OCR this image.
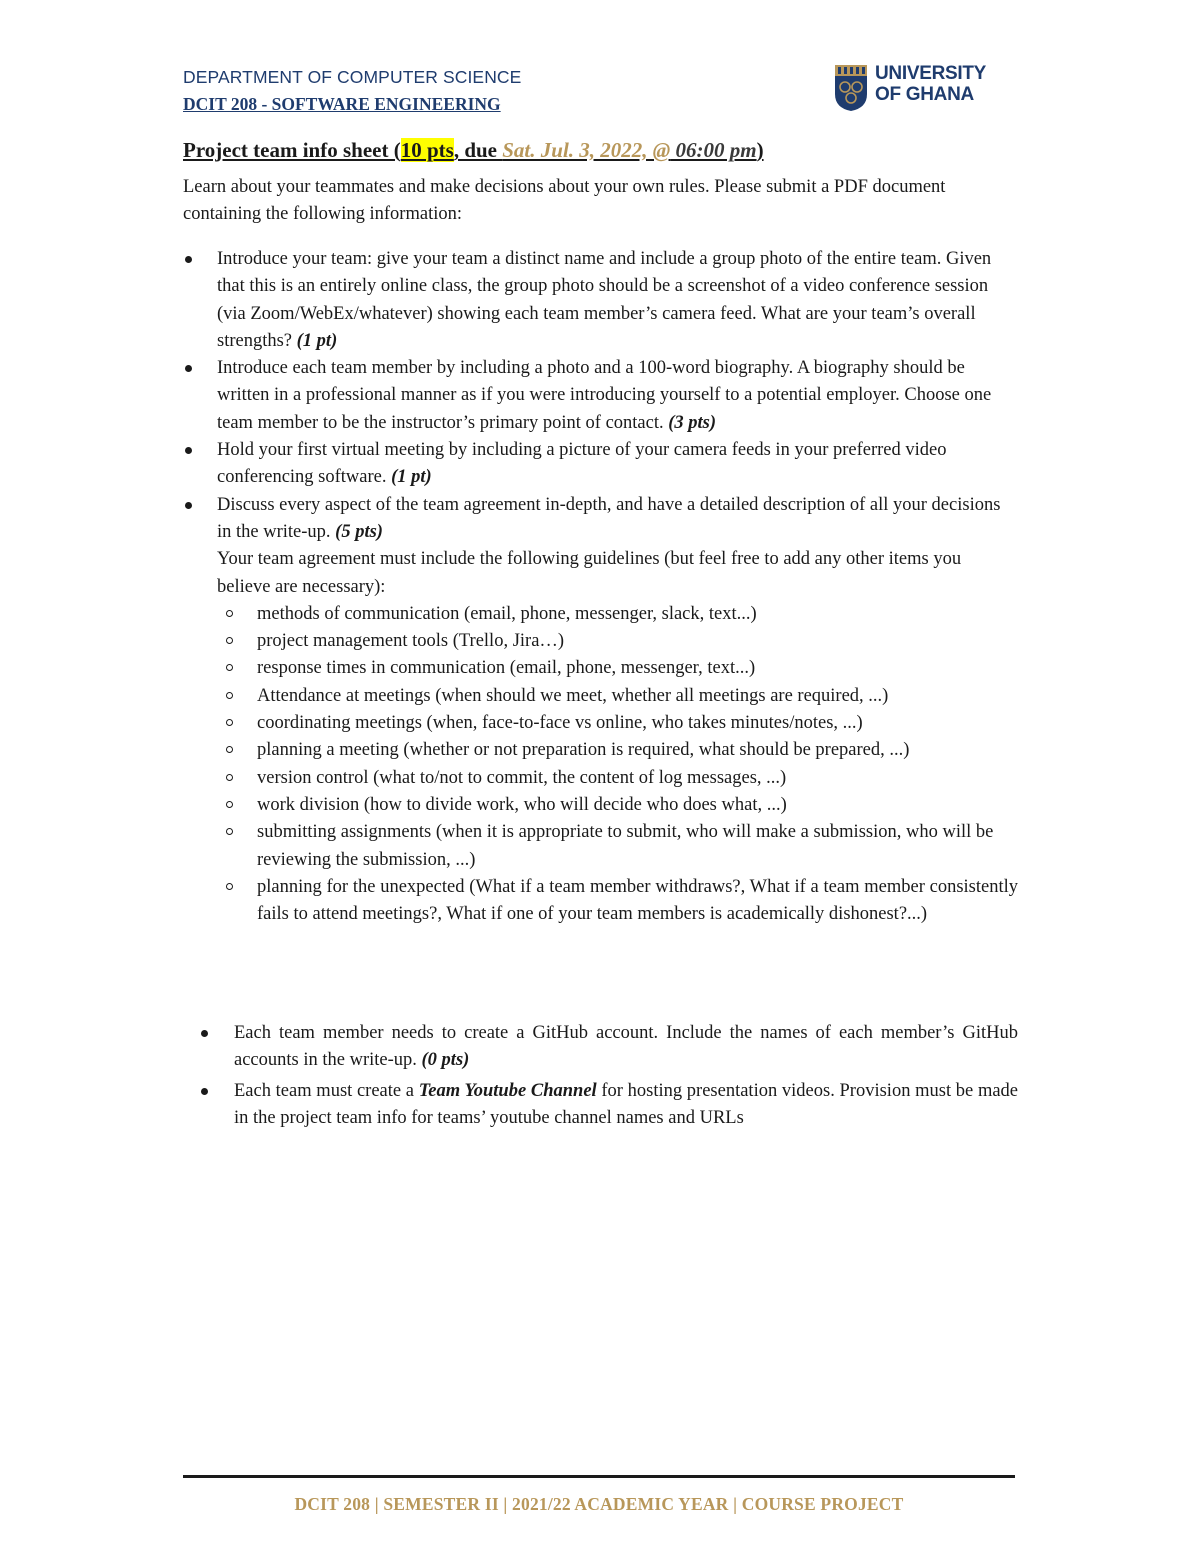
DEPARTMENT OF COMPUTER SCIENCE
DCIT 208 - SOFTWARE ENGINEERING
UNIVERSITY
OF GHANA
Project team info sheet (10 pts, due Sat. Jul. 3, 2022, @ 06:00 pm)
Learn about your teammates and make decisions about your own rules. Please submit a PDF document containing the following information:
Introduce your team: give your team a distinct name and include a group photo of the entire team. Given that this is an entirely online class, the group photo should be a screenshot of a video conference session (via Zoom/WebEx/whatever) showing each team member’s camera feed. What are your team’s overall strengths? (1 pt)
Introduce each team member by including a photo and a 100-word biography. A biography should be written in a professional manner as if you were introducing yourself to a potential employer. Choose one team member to be the instructor’s primary point of contact. (3 pts)
Hold your first virtual meeting by including a picture of your camera feeds in your preferred video conferencing software. (1 pt)
Discuss every aspect of the team agreement in-depth, and have a detailed description of all your decisions in the write-up. (5 pts)
Your team agreement must include the following guidelines (but feel free to add any other items you believe are necessary):
methods of communication (email, phone, messenger, slack, text...)
project management tools (Trello, Jira…)
response times in communication (email, phone, messenger, text...)
Attendance at meetings (when should we meet, whether all meetings are required, ...)
coordinating meetings (when, face-to-face vs online, who takes minutes/notes, ...)
planning a meeting (whether or not preparation is required, what should be prepared, ...)
version control (what to/not to commit, the content of log messages, ...)
work division (how to divide work, who will decide who does what, ...)
submitting assignments (when it is appropriate to submit, who will make a submission, who will be reviewing the submission, ...)
planning for the unexpected (What if a team member withdraws?, What if a team member consistently fails to attend meetings?, What if one of your team members is academically dishonest?...)
Each team member needs to create a GitHub account. Include the names of each member’s GitHub accounts in the write-up. (0 pts)
Each team must create a Team Youtube Channel for hosting presentation videos. Provision must be made in the project team info for teams’ youtube channel names and URLs
DCIT 208 | SEMESTER II | 2021/22 ACADEMIC YEAR | COURSE PROJECT
